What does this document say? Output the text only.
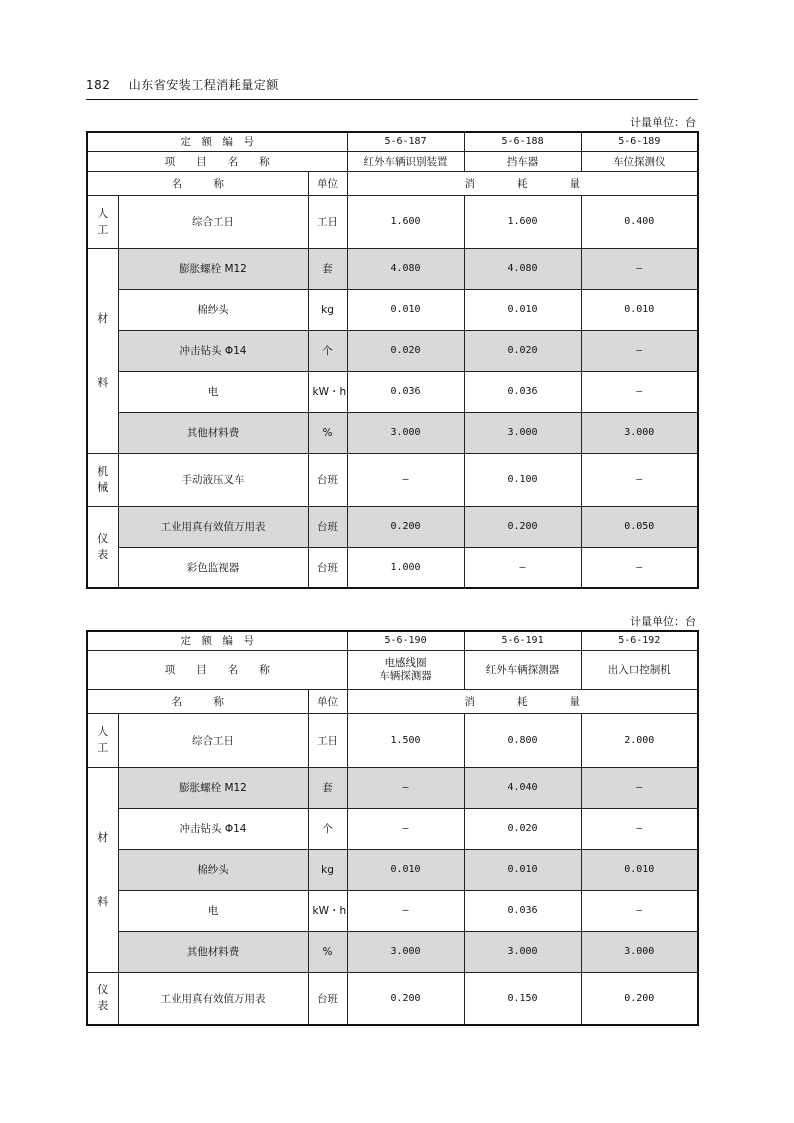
182 山东省安装工程消耗量定额
计量单位：台
定　额　编　号			5-6-187	5-6-188	5-6-189
项　　目　　名　　称			红外车辆识别装置	挡车器	车位探测仪
名　　　称		单位	消　　　　耗　　　　量		
人
工	综合工日	工日	1.600	1.600	0.400
材

料	膨胀螺栓 M12	套	4.080	4.080	—
	棉纱头	kg	0.010	0.010	0.010
	冲击钻头 Φ14	个	0.020	0.020	—
	电	kW・h	0.036	0.036	—
	其他材料费	%	3.000	3.000	3.000
机
械	手动液压叉车	台班	—	0.100	—
仪
表	工业用真有效值万用表	台班	0.200	0.200	0.050
	彩色监视器	台班	1.000	—	—
计量单位：台
定　额　编　号			5-6-190	5-6-191	5-6-192
项　　目　　名　　称			电感线圈
车辆探测器	红外车辆探测器	出入口控制机
名　　　称		单位	消　　　　耗　　　　量		
人
工	综合工日	工日	1.500	0.800	2.000
材

料	膨胀螺栓 M12	套	—	4.040	—
	冲击钻头 Φ14	个	—	0.020	—
	棉纱头	kg	0.010	0.010	0.010
	电	kW・h	—	0.036	—
	其他材料费	%	3.000	3.000	3.000
仪
表	工业用真有效值万用表	台班	0.200	0.150	0.200
